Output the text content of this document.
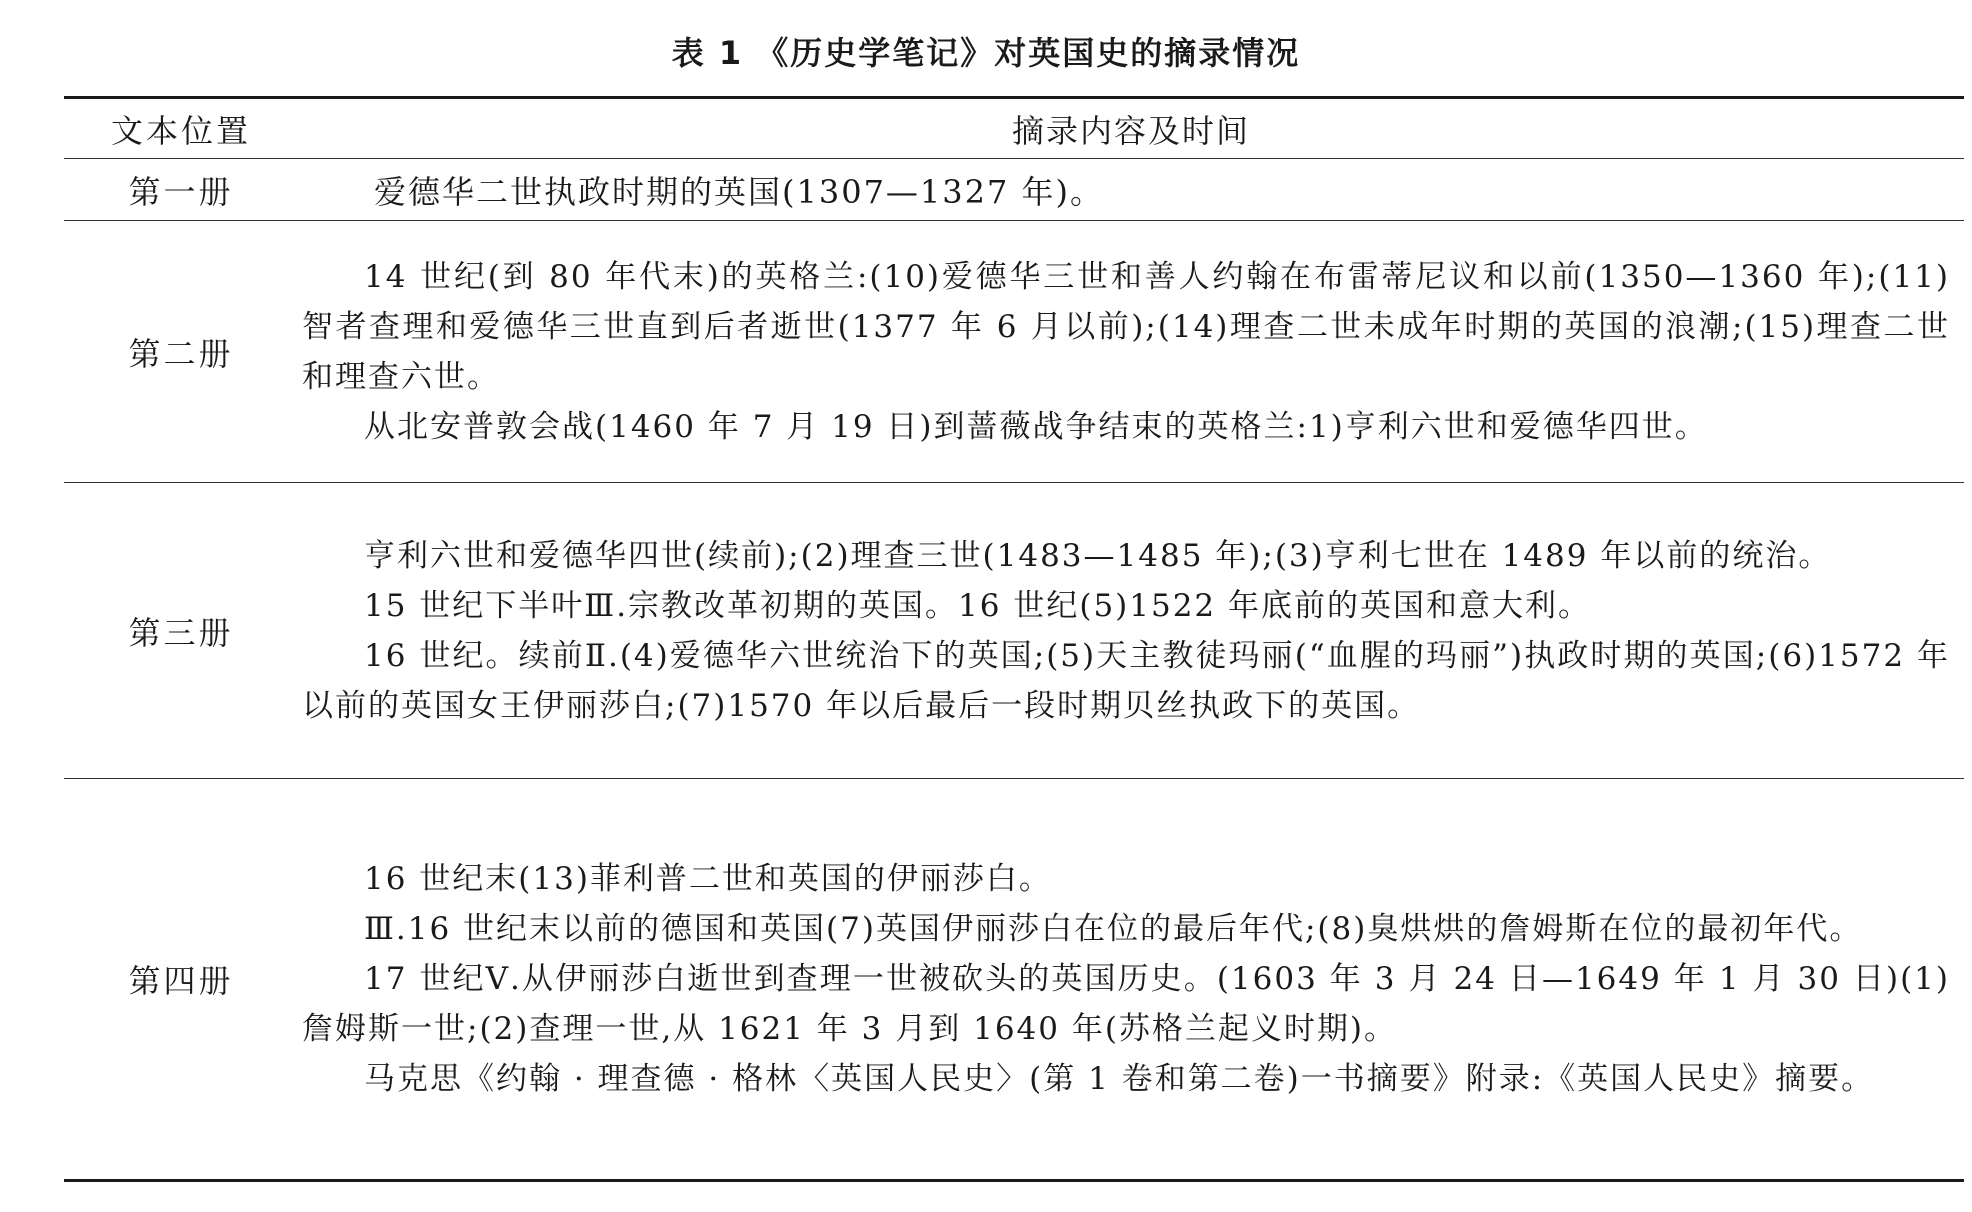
表 1 《历史学笔记》对英国史的摘录情况
文本位置	摘录内容及时间
第一册	爱德华二世执政时期的英国(1307—1327 年)。
第二册
14 世纪(到 80 年代末)的英格兰:(10)爱德华三世和善人约翰在布雷蒂尼议和以前(1350—1360 年);(11)智者查理和爱德华三世直到后者逝世(1377 年 6 月以前);(14)理查二世未成年时期的英国的浪潮;(15)理查二世和理查六世。
从北安普敦会战(1460 年 7 月 19 日)到蔷薇战争结束的英格兰:1)亨利六世和爱德华四世。
第三册
亨利六世和爱德华四世(续前);(2)理查三世(1483—1485 年);(3)亨利七世在 1489 年以前的统治。
15 世纪下半叶Ⅲ.宗教改革初期的英国。16 世纪(5)1522 年底前的英国和意大利。
16 世纪。续前Ⅱ.(4)爱德华六世统治下的英国;(5)天主教徒玛丽(“血腥的玛丽”)执政时期的英国;(6)1572 年以前的英国女王伊丽莎白;(7)1570 年以后最后一段时期贝丝执政下的英国。
第四册
16 世纪末(13)菲利普二世和英国的伊丽莎白。
Ⅲ.16 世纪末以前的德国和英国(7)英国伊丽莎白在位的最后年代;(8)臭烘烘的詹姆斯在位的最初年代。
17 世纪Ⅴ.从伊丽莎白逝世到查理一世被砍头的英国历史。(1603 年 3 月 24 日—1649 年 1 月 30 日)(1)詹姆斯一世;(2)查理一世,从 1621 年 3 月到 1640 年(苏格兰起义时期)。
马克思《约翰 · 理查德 · 格林〈英国人民史〉(第 1 卷和第二卷)一书摘要》附录:《英国人民史》摘要。
